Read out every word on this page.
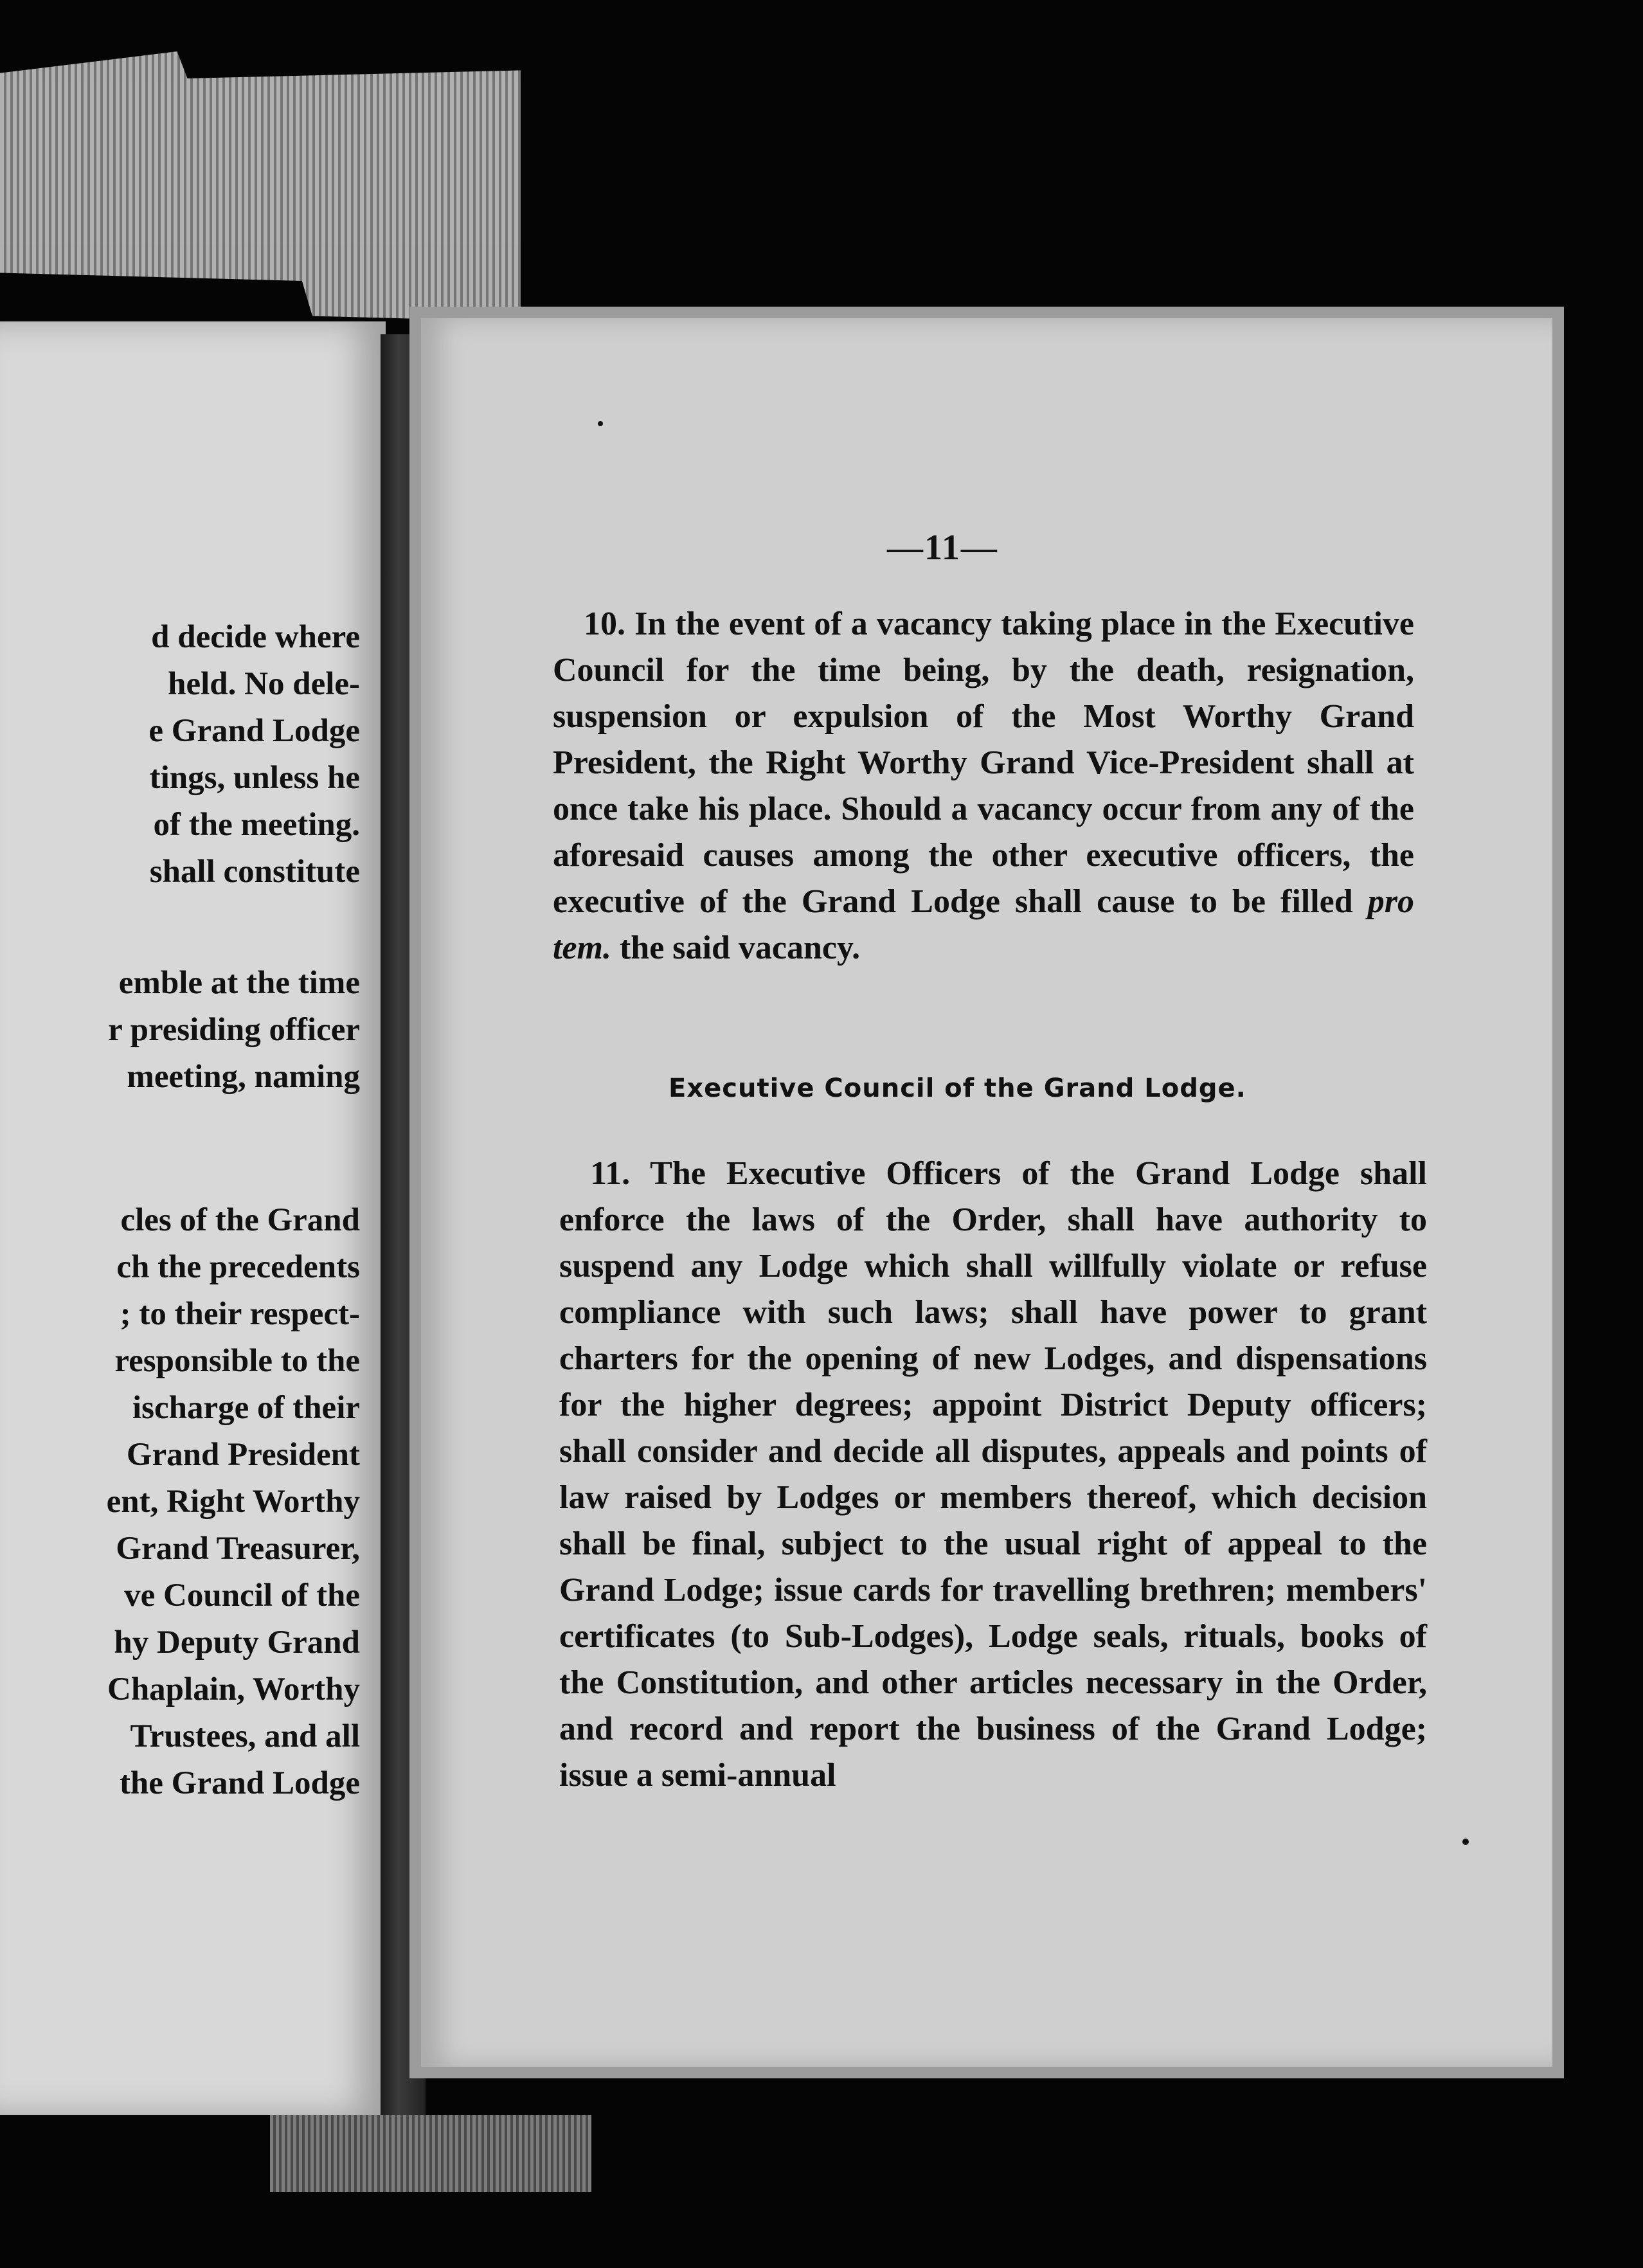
d decide where
held. No dele-
e Grand Lodge
tings, unless he
of the meeting.
shall constitute
emble at the time
r presiding officer
meeting, naming
cles of the Grand
ch the precedents
; to their respect-
responsible to the
ischarge of their
Grand President
ent, Right Worthy
Grand Treasurer,
ve Council of the
hy Deputy Grand
Chaplain, Worthy
Trustees, and all
the Grand Lodge
—11—

10. In the event of a vacancy taking place in the Executive Council for the time being, by the death, resignation, suspension or expulsion of the Most Worthy Grand President, the Right Worthy Grand Vice-President shall at once take his place. Should a vacancy occur from any of the aforesaid causes among the other executive officers, the executive of the Grand Lodge shall cause to be filled pro tem. the said vacancy.

Executive Council of the Grand Lodge.

11. The Executive Officers of the Grand Lodge shall enforce the laws of the Order, shall have authority to suspend any Lodge which shall willfully violate or refuse compliance with such laws; shall have power to grant charters for the opening of new Lodges, and dispensations for the higher degrees; appoint District Deputy officers; shall consider and decide all disputes, appeals and points of law raised by Lodges or members thereof, which decision shall be final, subject to the usual right of appeal to the Grand Lodge; issue cards for travelling brethren; members' certificates (to Sub-Lodges), Lodge seals, rituals, books of the Constitution, and other articles necessary in the Order, and record and report the business of the Grand Lodge; issue a semi-annual
